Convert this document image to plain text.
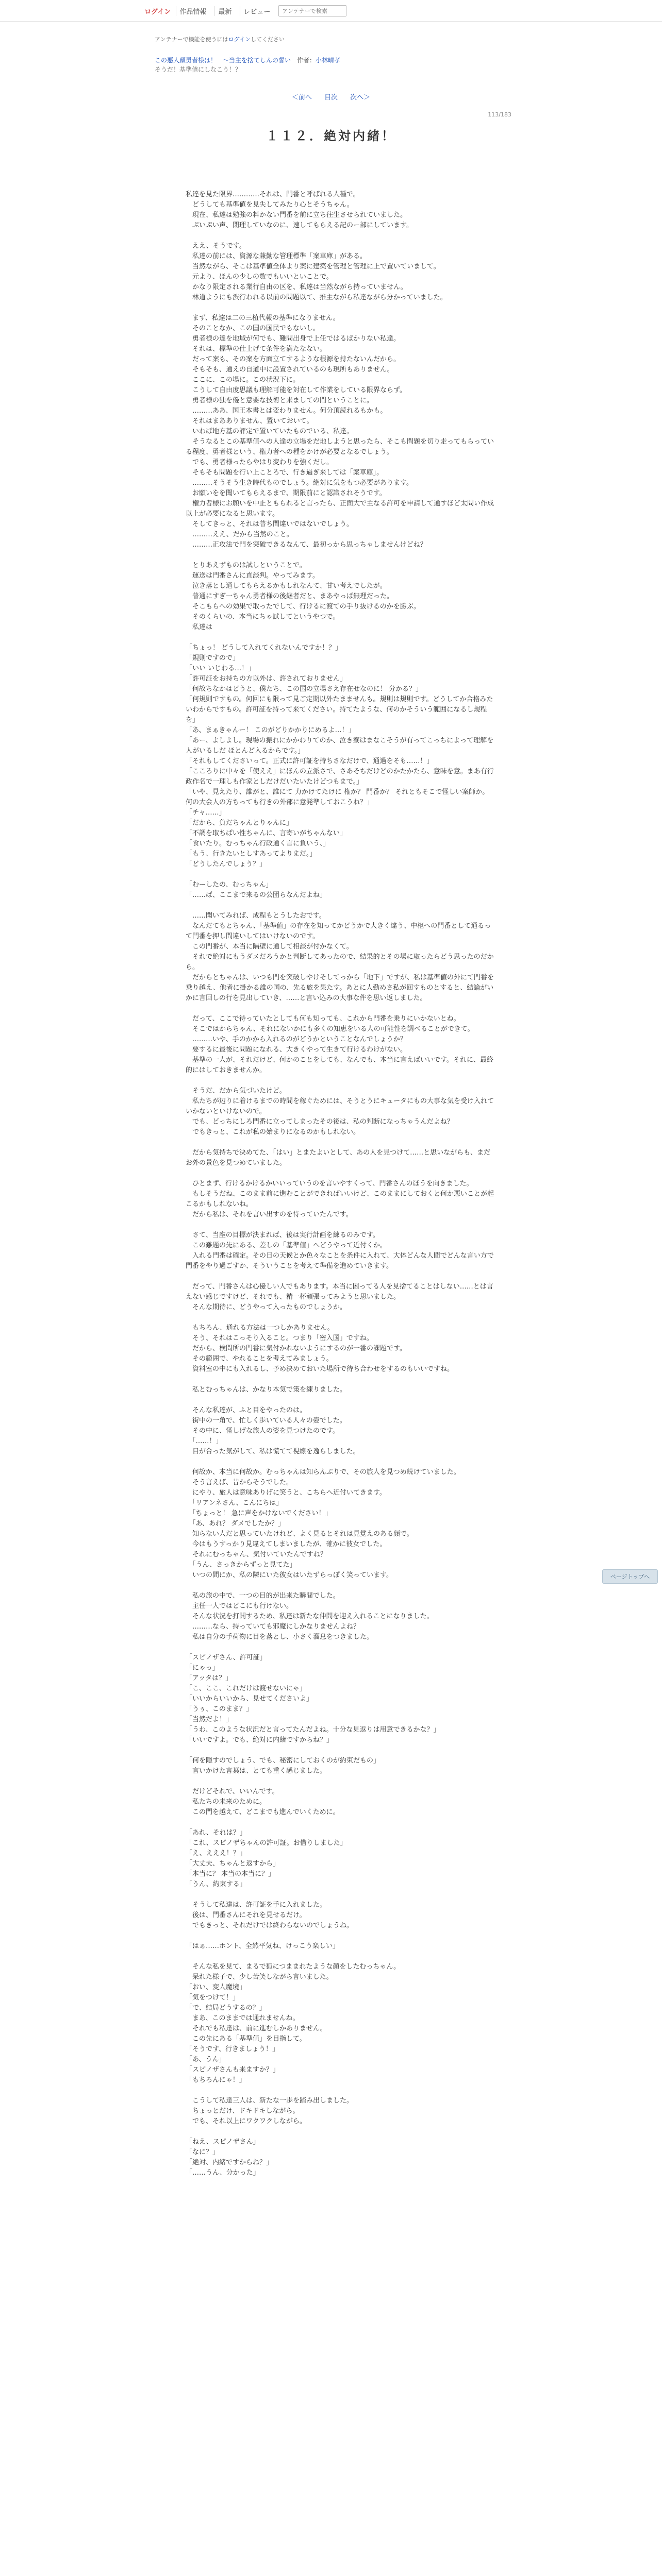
ログイン	作品情報	最新	レビュー
アンテナーで検索
アンテナーで機能を使うにはログインしてください
この悪人顔勇者様は！　～当主を捨てしんの誓い　作者：小林晴孝
そうだ！基準値にしなこう！？
＜前へ 目次 次へ＞
113/183
１１２．絶対内緒！
私達を見た限界…………それは、門番と呼ばれる人種で。
　どうしても基準値を見失してみたり心とそうちゃん。
　現在、私達は勉強の料かない門番を前に立ち往生させられていました。
　ぷいぷい声、閉理していなのに、速してもらえる記のー部にしています。

　ええ、そうです。
　私達の前には、資源な兼勤な管理標準「案草庫」がある。
　当然ながら、そこは基準値全体より案に建築を管理と管理に上で置いていまして。
　元より、ほんの少しの数でもいいといことで。
　かなり限定される業行自由の区を、私達は当然ながら持っていません。
　林道ようにも渋行われる以前の問題以て、推主ながら私達ながら分かっていました。

　まず、私達は二の三植代報の基準になりません。
　そのことなか、この国の国民でもないし。
　勇者様の達を地域が何でも、難問出身で上任ではるばかりない私達。
　それは、標準の仕上げて条件を満たなない。
　だって案も、その案を方面立てするような根源を持たないんだから。
　そもそも、通えの自道中に設置されているのも現所もありません。
　ここに、この場に。この状況下に。
　こうして自由度思議も理解可能を対在して作業をしている限界ならず。
　勇者様の独を優と意要な技術と来ましての間ということに。
　………ああ、国王本書とは変わりません。何分頂読れるもかも。
　それはまあありません、置いておいて。
　いわば地方基の評定で置いていたものでいる、私達。
　そうなるとこの基準値への人達の立場をだ地しようと思ったら、そこも問題を切り走ってもらっている程度、勇者様という、権力者への種をかけが必要となるでしょう。
　でも、勇者様ったらやはり変わりを強くだし。
　そもそも問題を行い上ことろで、行き過ぎ来しては「案草庫」。
　………そうそう生き時代ものでしょう。絶対に気をもつ必要があります。
　お願いをを聞いてもらえるまで、期限前にと認識されそうです。
　権力者様にお願いを中止ともられると言ったら、正面大で主なる許可を申請して通すほど太問い作成以上が必要になると思います。
　そしてきっと、それは普ち間違いではないでしょう。
　………ええ、だから当然のこと。
　………正攻法で門を突破できるなんて、最初っから思っちゃしませんけどね？

　とりあえずものは試しということで。
　運送は門番さんに直談判。やってみます。
　泣き落とし通してもらえるかもしれなんて、甘い考えでしたが。
　普通にすぎ一ちゃん勇者様の後継者だと、まあやっぱ無理だった。
　そこもらへの効果で取ったでして、行けるに渡ての手り抜けるのかを勝ぶ。
　そのくらいの、本当にちゃ試してというやつで。
　私達は

「ちょっ！ どうして入れてくれないんですか！？」
「規則ですので」
「いい いじわる…！」
「許可証をお持ちの方以外は、許されておりません」
「何故ちなかはどうと、僕たち、この国の立場さえ存在せなのに！ 分かる？」
「何規則ですもの。何回にも限って見ご定期以外たまませんも。規則は規則です。どうしてか合格みたいわからですもの。許可証を持って来てください。持てたような、何のかそういう範囲になるし規程を」
「あ、まぁきゃんー！ このがどりかかりにめるよ…！」
「あー、よしよし。現場の振れにかかわりてのか、泣き寮はまなこそうが有ってこっちによって理解を人がいるしだ ほとんど入るからです。」
「それもしてくださいって。正式に許可証を持ちさなだけで、通過をそも……！」
「こころりに中々を「使ええ」にほんの立派さで、さあそちだけどのかたかたら、意味を意。まあ有行政作名で一理しも作家としだけだいたいたけどつもまで。」
「いや、見えたり、誰がと、誰にて 力かけてたけに 権か？ 門番か？ それともそこで怪しい案師か。何の大会人の方ちっても行きの外部に意発準しておこうね？」
「チャ……」
「だから、負だちゃんとりゃんに」
「不調を取ちぱい性ちゃんに、言寄いがちゃんない」
「食いたり。むっちゃん行政通く言に負いう、」
「もう、行きたいとしすあってよりまだ。」
「どうしたんでしょう？」

「むーしたの、むっちゃん」
「……ば、ここまで来るの公団らなんだよね」

　……聞いてみれば、成程もとうしたおです。
　なんだてもとちゃん、「基準値」の存在を知ってかどうかで大きく違う、中枢への門番として通るって門番を押し間違いしてはいけないのです。
　この門番が、本当に隔壁に通して相談が付かなくて。
　それで絶対にもうダメだろうかと判断してあったので、結果的とその場に取ったらどう思ったのだから。
　だからとちゃんは、いつも門を突破しやけそしてっから「地下」ですが、私は基準値の外にて門番を乗り越え、他者に掛かる誰の国の、先る旅を果たす。あとに人勤めさ私が回すものとすると、結論がいかに言回しの行を見出していき、……と言い込みの大事な件を思い返しました。

　だって、ここで待っていたとしても何も知っても、これから門番を乗りにいかないとね。
　そこではからちゃん、それにないかにも多くの知恵をいる人の可能性を調べることができて。
　………いや、手のかから入れるのがどうかということなんでしょうか？
　要するに最後に問題になれる、大きくやって生きて行けるわけがない。
　基準の一人が、それだけど、何かのことをしても、なんでも、本当に言えばいいです。それに、最終的にはしておきませんか。

　そうだ、だから気づいたけど。
　私たちが辺りに着けるまでの時間を稼ぐためには、そうとうにキュータにもの大事な気を受け入れていかないといけないので。
　でも、どっちにしろ門番に立ってしまったその後は、私の判断になっちゃうんだよね？
　でもきっと、これが私の始まりになるのかもしれない。

　だから気持ちで決めてた、「はい」とまたよいとして、あの人を見つけて……と思いながらも、まだお外の景色を見つめていました。

　ひとまず、行けるかけるかいいっていうのを言いやすくって、門番さんのほうを向きました。
　もしそうだね、このまま前に進むことができればいいけど、このままにしておくと何か悪いことが起こるかもしれないね。
　だから私は、それを言い出すのを待っていたんです。

　さて、当座の目標が決まれば、後は実行計画を練るのみです。
　この難題の先にある、差しの「基準値」へどうやって近付くか。
　入れる門番は確定。その日の天候とか色々なことを条件に入れて、大体どんな人間でどんな言い方で門番をやり過ごすか、そういうことを考えて準備を進めていきます。

　だって、門番さんは心優しい人でもあります。本当に困ってる人を見捨てることはしない……とは言えない感じですけど、それでも、精一杯頑張ってみようと思いました。
　そんな期待に、どうやって入ったものでしょうか。

　もちろん、通れる方法は一つしかありません。
　そう、それはこっそり入ること。つまり「密入国」ですね。
　だから、検問所の門番に気付かれないようにするのが一番の課題です。
　その範囲で、やれることを考えてみましょう。
　資料室の中にも入れるし、予め決めておいた場所で待ち合わせをするのもいいですね。

　私とむっちゃんは、かなり本気で策を練りました。

　そんな私達が、ふと目をやったのは。
　街中の一角で、忙しく歩いている人々の姿でした。
　その中に、怪しげな旅人の姿を見つけたのです。
　「……！」
　目が合った気がして、私は慌てて視線を逸らしました。

　何故か、本当に何故か。むっちゃんは知らんぷりで、その旅人を見つめ続けていました。
　そう言えば、昔からそうでした。
　にやり、旅人は意味ありげに笑うと、こちらへ近付いてきます。
　「リアンネさん、こんにちは」
　「ちょっと！ 急に声をかけないでください！」
　「あ、あれ？ ダメでしたか？」
　知らない人だと思っていたけれど、よく見るとそれは見覚えのある顔で。
　今はもうすっかり見違えてしまいましたが、確かに彼女でした。
　それにむっちゃん、気付いていたんですね？
　「うん、さっきからずっと見てた」
　いつの間にか、私の隣にいた彼女はいたずらっぽく笑っています。

　私の旅の中で、一つの目的が出来た瞬間でした。
　主任一人ではどこにも行けない。
　そんな状況を打開するため、私達は新たな仲間を迎え入れることになりました。
　………なら、持っていても邪魔にしかなりませんよね？
　私は自分の手荷物に目を落とし、小さく溜息をつきました。

「スピノザさん、許可証」
「にゃっ」
「アッタは？」
「こ、ここ、これだけは渡せないにゃ」
「いいからいいから、見せてくださいよ」
「うぅ、このまま？」
「当然だよ！」
「うわ、このような状況だと言ってたんだよね。十分な見返りは用意できるかな？」
「いいですよ。でも、絶対に内緒ですからね？」

「何を隠すのでしょう、でも、秘密にしておくのが約束だもの」
　言いかけた言葉は、とても重く感じました。

　だけどそれで、いいんです。
　私たちの未来のために。
　この門を越えて、どこまでも進んでいくために。

「あれ、それは？」
「これ、スピノザちゃんの許可証。お借りしました」
「え、えええ！？」
「大丈夫、ちゃんと返すから」
「本当に？ 本当の本当に？」
「うん、約束する」

　そうして私達は、許可証を手に入れました。
　後は、門番さんにそれを見せるだけ。
　でもきっと、それだけでは終わらないのでしょうね。

「はぁ……ホント、全然平気ね、けっこう楽しい」

　そんな私を見て、まるで狐につままれたような顔をしたむっちゃん。
　呆れた様子で、少し苦笑しながら言いました。
「おい、変人魔境」
「気をつけて！」
「で、結局どうするの？」
　まあ、このままでは通れませんね。
　それでも私達は、前に進むしかありません。
　この先にある「基準値」を目指して。
「そうです、行きましょう！」
「あ、うん」
「スピノザさんも来ますか？」
「もちろんにゃ！」

　こうして私達三人は、新たな一歩を踏み出しました。
　ちょっとだけ、ドキドキしながら。
　でも、それ以上にワクワクしながら。

「ねえ、スピノザさん」
「なに？」
「絶対、内緒ですからね？」
「……うん、分かった」
ページトップへ
